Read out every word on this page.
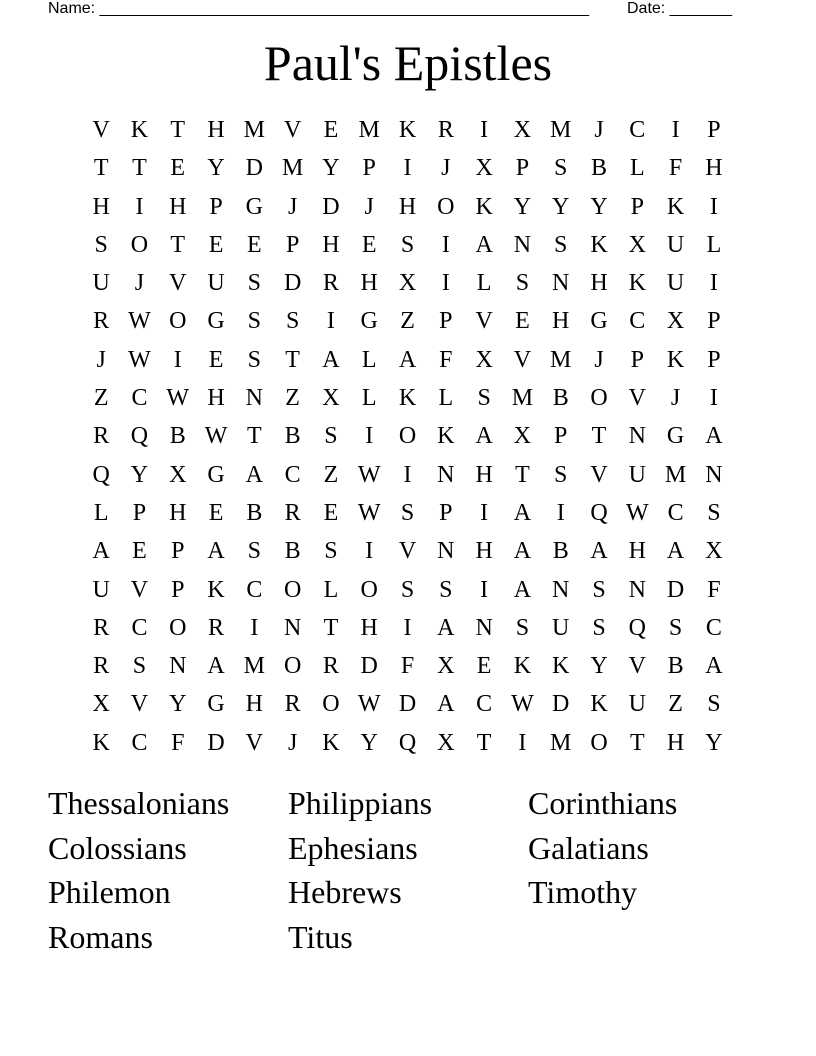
Name: _______________________________________________________ Date: _______
Paul's Epistles
V K T H M V E M K R	I	X M J	C	I	P
T T E Y D M Y P	I	J	X P	S B L	F H
H	I	H P G	J	D	J	H O K Y Y Y P K	I
S O T E E	P H E	S	I	A N S K X U L
U	J	V U S D R H X	I	L	S N H K U	I
R W O G S	S	I	G Z	P V E H G C X P
J W I	E	S	T A L A F X V M J	P K P
Z C W H N Z X L K L	S M B O V	J	I
R Q B W T B S	I	O K A X P	T N G A
Q Y X G A C Z W I	N H T	S V U M N
L	P H E B R E W S	P	I	A	I	Q W C S
A E	P A S B S	I	V N H A B A H A X
U V P K C O L O S	S	I	A N S N D F
R C O R	I	N T H	I	A N S U S Q S C
R S N A M O R D F X E K K Y V B A
X V Y G H R O W D A C W D K U Z	S
K C F D V	J	K Y Q X T	I M O T H Y
Thessalonians	Philippians	Corinthians
Colossians	Ephesians	Galatians
Philemon	Hebrews	Timothy
Romans	Titus
